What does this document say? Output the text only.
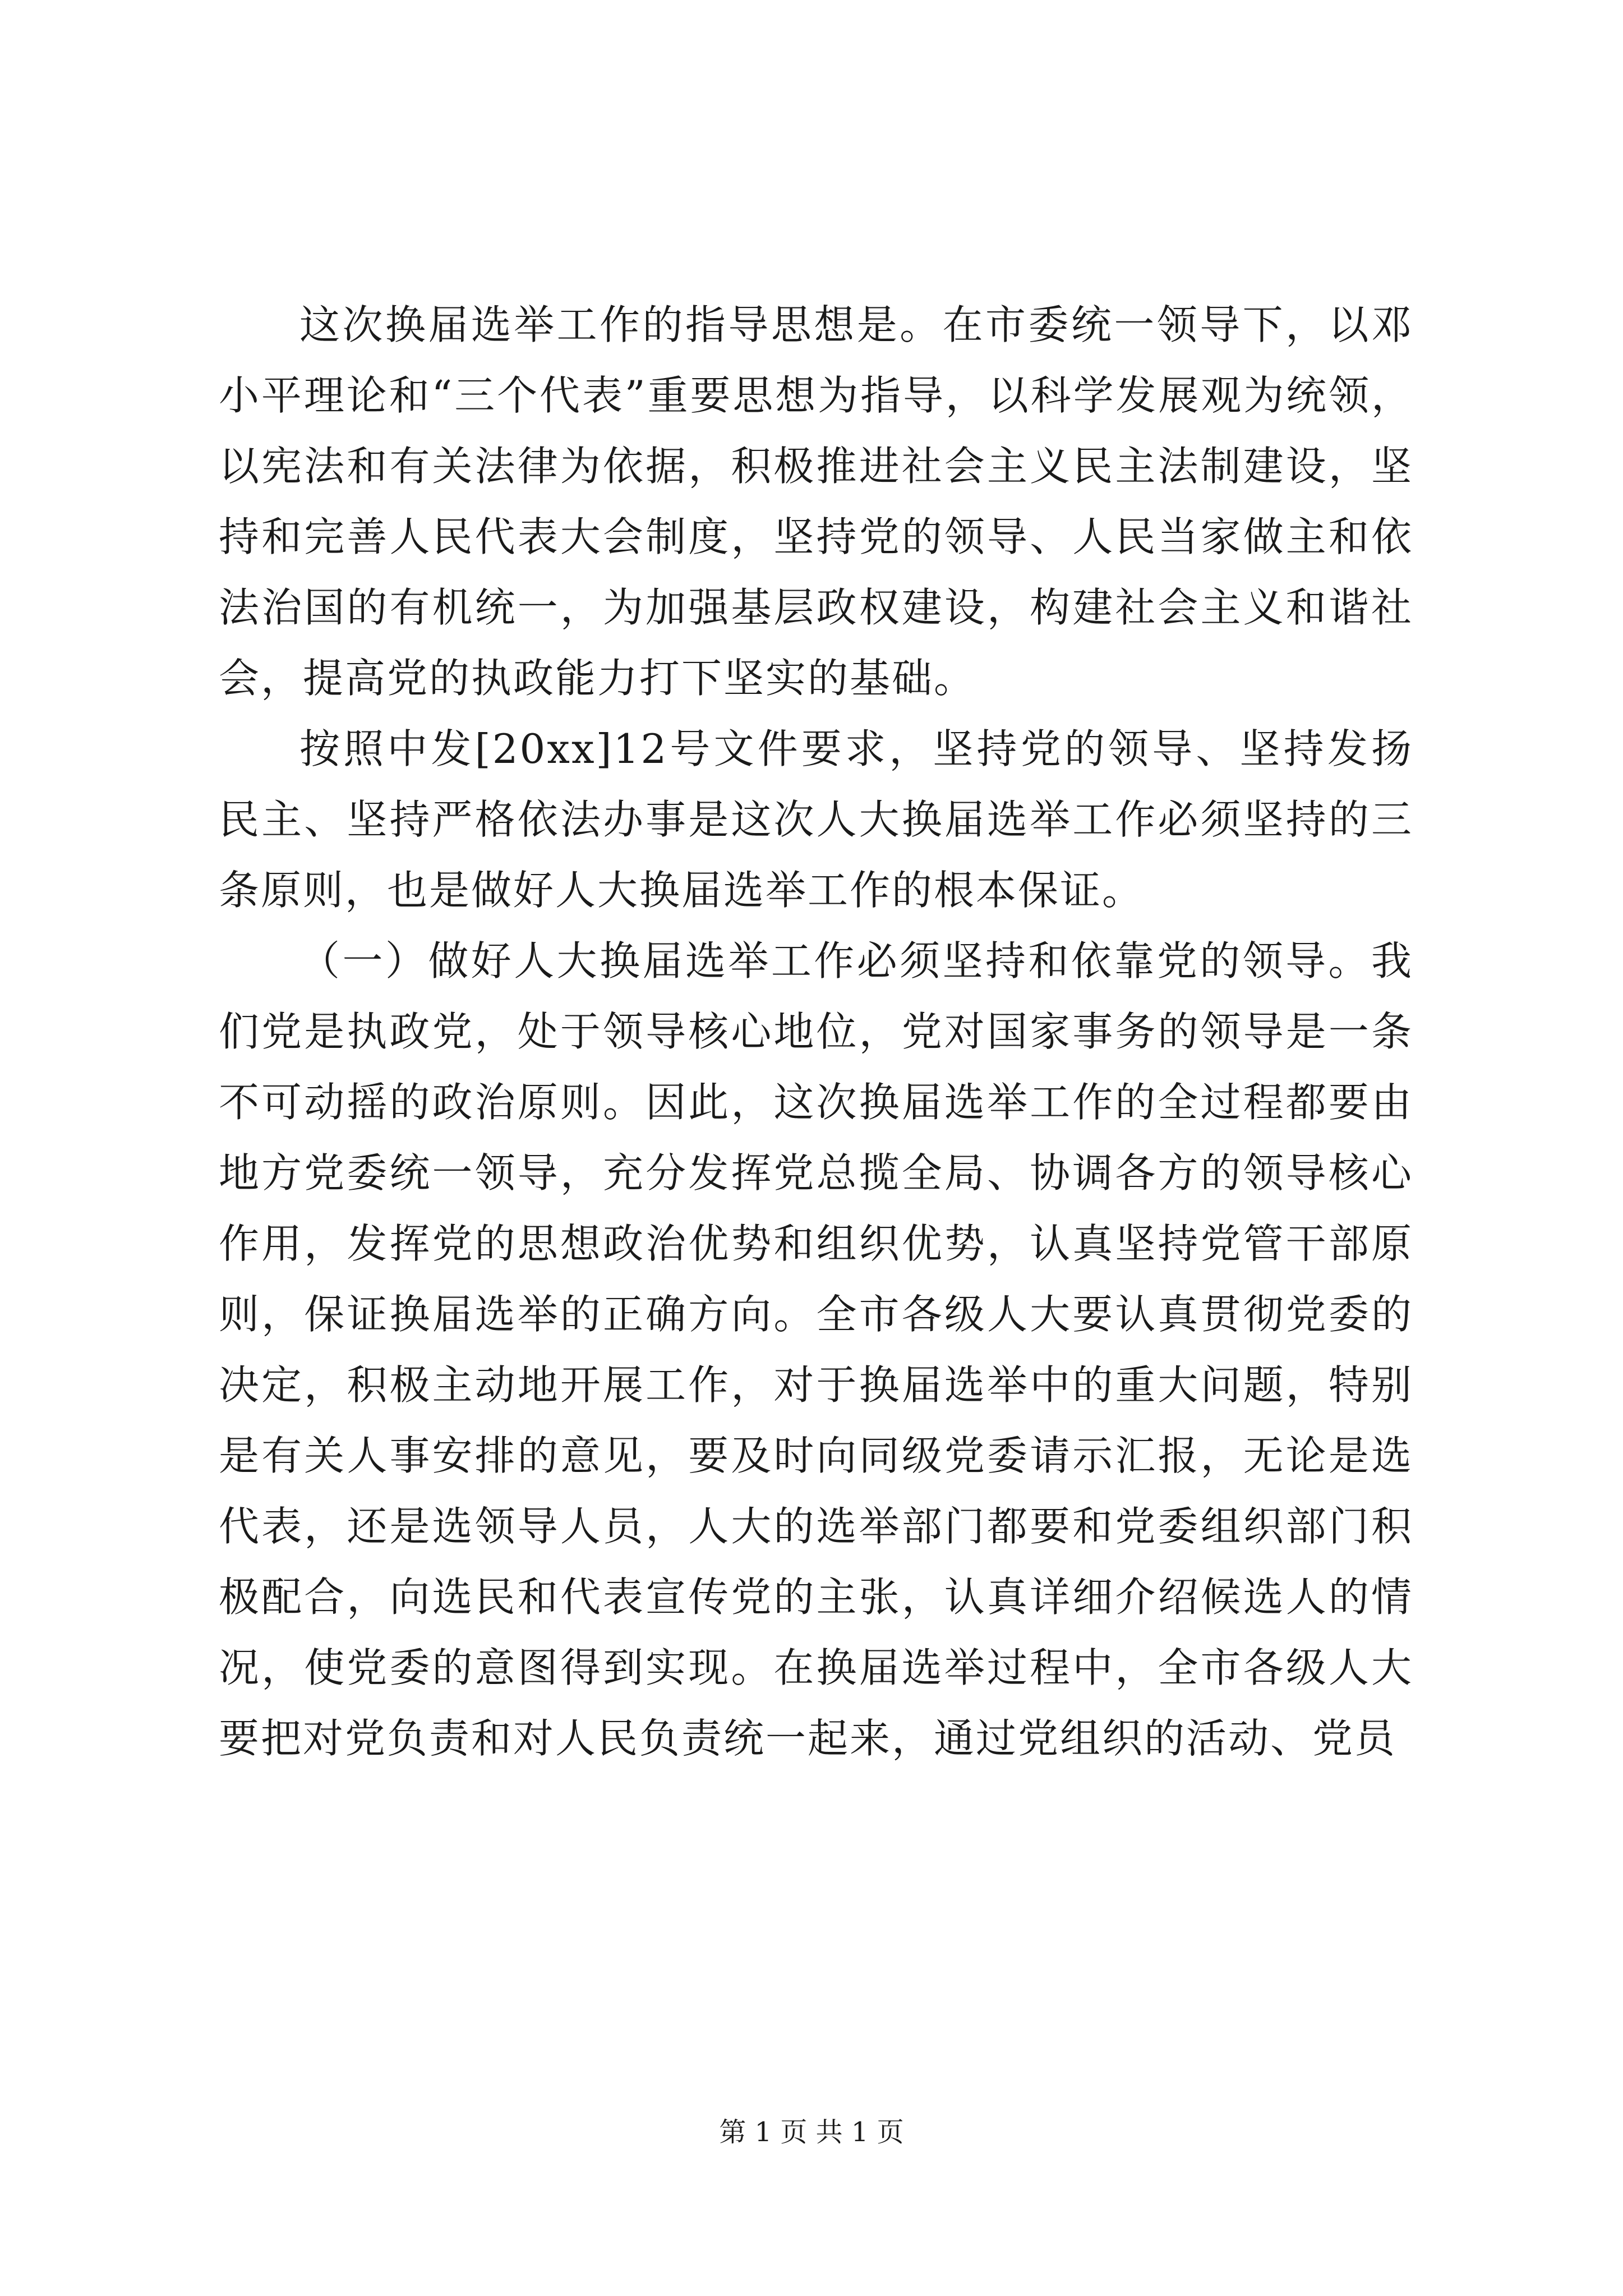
这次换届选举工作的指导思想是。在市委统一领导下，以邓小平理论和“三个代表”重要思想为指导，以科学发展观为统领，以宪法和有关法律为依据，积极推进社会主义民主法制建设，坚持和完善人民代表大会制度，坚持党的领导、人民当家做主和依法治国的有机统一，为加强基层政权建设，构建社会主义和谐社会，提高党的执政能力打下坚实的基础。

按照中发[20xx]12号文件要求，坚持党的领导、坚持发扬民主、坚持严格依法办事是这次人大换届选举工作必须坚持的三条原则，也是做好人大换届选举工作的根本保证。

（一）做好人大换届选举工作必须坚持和依靠党的领导。我们党是执政党，处于领导核心地位，党对国家事务的领导是一条不可动摇的政治原则。因此，这次换届选举工作的全过程都要由地方党委统一领导，充分发挥党总揽全局、协调各方的领导核心作用，发挥党的思想政治优势和组织优势，认真坚持党管干部原则，保证换届选举的正确方向。全市各级人大要认真贯彻党委的决定，积极主动地开展工作，对于换届选举中的重大问题，特别是有关人事安排的意见，要及时向同级党委请示汇报，无论是选代表，还是选领导人员，人大的选举部门都要和党委组织部门积极配合，向选民和代表宣传党的主张，认真详细介绍候选人的情况，使党委的意图得到实现。在换届选举过程中，全市各级人大要把对党负责和对人民负责统一起来，通过党组织的活动、党员

第 1 页 共 1 页
